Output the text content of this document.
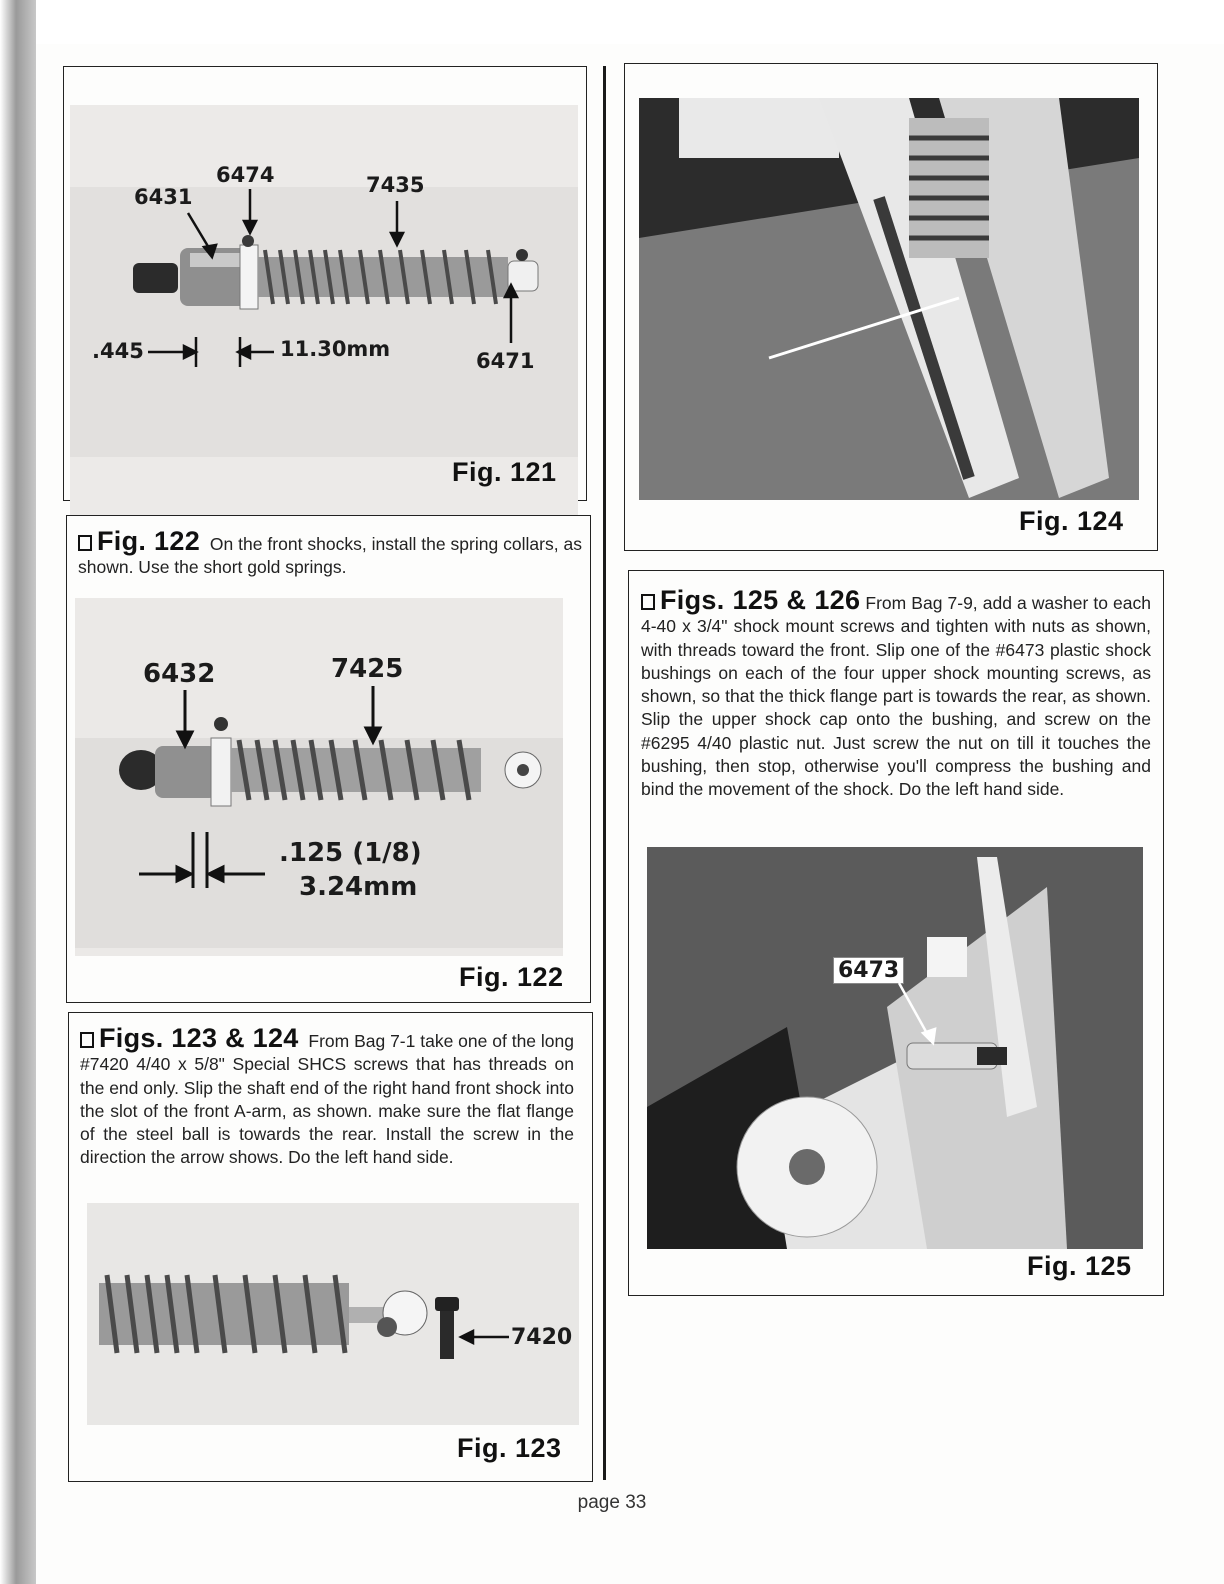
6431
6474	7435
6471
.445	11.30mm
Fig. 121
Fig. 122 On the front shocks, install the spring collars, as shown. Use the short gold springs.
6432	7425
.125 (1/8)
3.24mm
Fig. 122
Figs. 123 & 124 From Bag 7-1 take one of the long #7420 4/40 x 5/8" Special SHCS screws that has threads on the end only. Slip the shaft end of the right hand front shock into the slot of the front A-arm, as shown. make sure the flat flange of the steel ball is towards the rear. Install the screw in the direction the arrow shows. Do the left hand side.
7420
Fig. 123
Fig. 124
Figs. 125 & 126 From Bag 7-9, add a washer to each 4-40 x 3/4" shock mount screws and tighten with nuts as shown, with threads toward the front. Slip one of the #6473 plastic shock bushings on each of the four upper shock mounting screws, as shown, so that the thick flange part is towards the rear, as shown. Slip the upper shock cap onto the bushing, and screw on the #6295 4/40 plastic nut. Just screw the nut on till it touches the bushing, then stop, otherwise you'll compress the bushing and bind the movement of the shock. Do the left hand side.
6473
Fig. 125
page 33
